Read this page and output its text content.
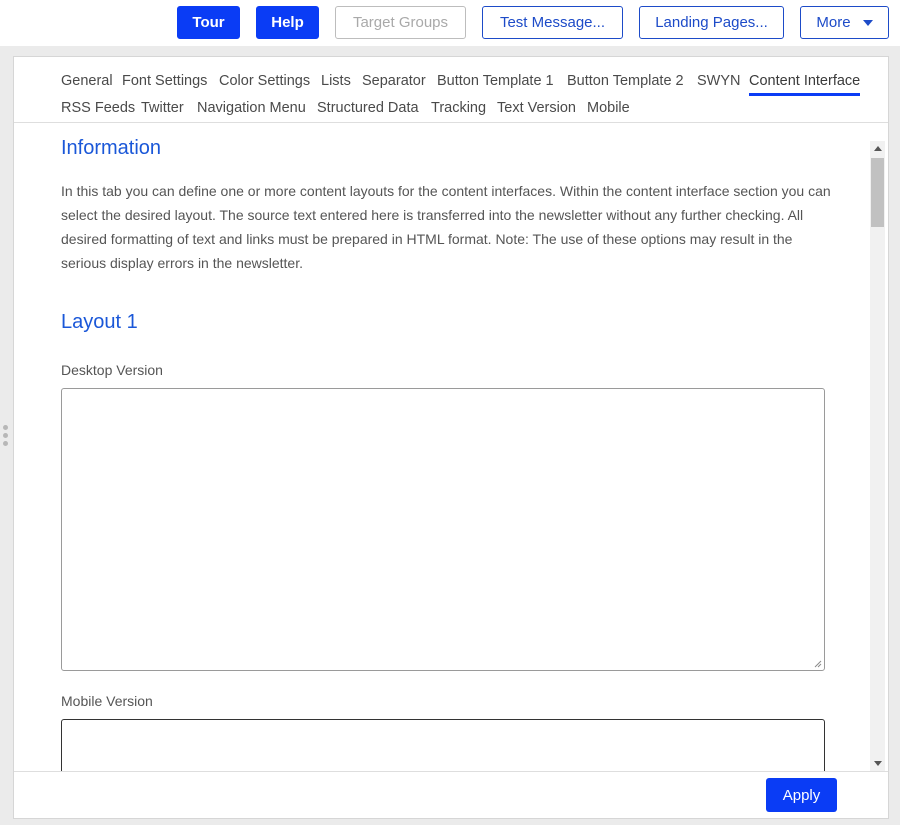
Tour	Help	Target Groups	Test Message...	Landing Pages...	More
General Font Settings Color Settings Lists Separator Button Template 1 Button Template 2 SWYN Content Interface
RSS Feeds Twitter Navigation Menu Structured Data Tracking Text Version Mobile
Information
In this tab you can define one or more content layouts for the content interfaces. Within the content interface section you can select the desired layout. The source text entered here is transferred into the newsletter without any further checking. All desired formatting of text and links must be prepared in HTML format. Note: The use of these options may result in the serious display errors in the newsletter.
Layout 1
Desktop Version
Mobile Version
Apply
